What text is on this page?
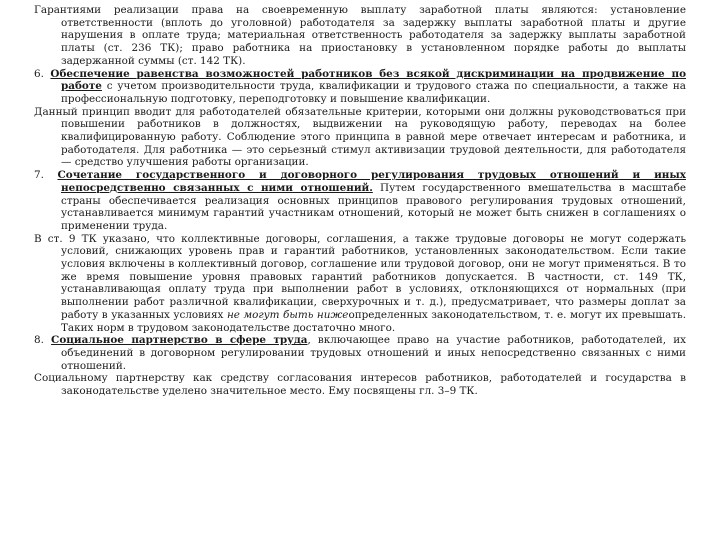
Гарантиями реализации права на своевременную выплату заработной платы являются: установление ответственности (вплоть до уголовной) работодателя за задержку выплаты заработной платы и другие нарушения в оплате труда; материальная ответственность работодателя за задержку выплаты заработной платы (ст. 236 ТК); право работника на приостановку в установленном порядке работы до выплаты задержанной суммы (ст. 142 ТК).

6. Обеспечение равенства возможностей работников без всякой дискриминации на продвижение по работе с учетом производительности труда, квалификации и трудового стажа по специальности, а также на профессиональную подготовку, переподготовку и повышение квалификации.

Данный принцип вводит для работодателей обязательные критерии, которыми они должны руководствоваться при повышении работников в должностях, выдвижении на руководящую работу, переводах на более квалифицированную работу. Соблюдение этого принципа в равной мере отвечает интересам и работника, и работодателя. Для работника — это серьезный стимул активизации трудовой деятельности, для работодателя — средство улучшения работы организации.

7. Сочетание государственного и договорного регулирования трудовых отношений и иных непосредственно связанных с ними отношений. Путем государственного вмешательства в масштабе страны обеспечивается реализация основных принципов правового регулирования трудовых отношений, устанавливается минимум гарантий участникам отношений, который не может быть снижен в соглашениях о применении труда.

В ст. 9 ТК указано, что коллективные договоры, соглашения, а также трудовые договоры не могут содержать условий, снижающих уровень прав и гарантий работников, установленных законодательством. Если такие условия включены в коллективный договор, соглашение или трудовой договор, они не могут применяться. В то же время повышение уровня правовых гарантий работников допускается. В частности, ст. 149 ТК, устанавливающая оплату труда при выполнении работ в условиях, отклоняющихся от нормальных (при выполнении работ различной квалификации, сверхурочных и т. д.), предусматривает, что размеры доплат за работу в указанных условиях не могут быть нижеопределенных законодательством, т. е. могут их превышать. Таких норм в трудовом законодательстве достаточно много.

8. Социальное партнерство в сфере труда, включающее право на участие работников, работодателей, их объединений в договорном регулировании трудовых отношений и иных непосредственно связанных с ними отношений.

Социальному партнерству как средству согласования интересов работников, работодателей и государства в законодательстве уделено значительное место. Ему посвящены гл. 3–9 ТК.
